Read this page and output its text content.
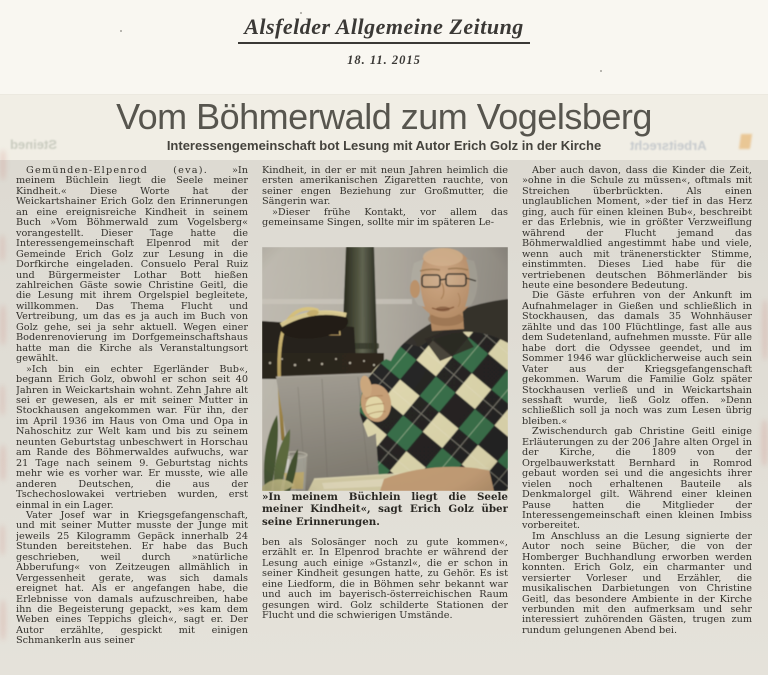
Alsfelder Allgemeine Zeitung
18. 11. 2015
Vom Böhmerwald zum Vogelsberg
Interessengemeinschaft bot Lesung mit Autor Erich Golz in der Kirche

Gemünden-Elpenrod (eva). »In meinem Büchlein liegt die Seele meiner Kindheit.« Diese Worte hat der Weickartshainer Erich Golz den Erinnerungen an eine ereignisreiche Kindheit in seinem Buch »Vom Böhmerwald zum Vogelsberg« vorangestellt. Dieser Tage hatte die Interessengemeinschaft Elpenrod mit der Gemeinde Erich Golz zur Lesung in die Dorfkirche eingeladen. Consuelo Peral Ruiz und Bürgermeister Lothar Bott hießen zahlreichen Gäste sowie Christine Geitl, die die Lesung mit ihrem Orgelspiel begleitete, willkommen. Das Thema Flucht und Vertreibung, um das es ja auch im Buch von Golz gehe, sei ja sehr aktuell. Wegen einer Bodenrenovierung im Dorfgemeinschaftshaus hatte man die Kirche als Veranstaltungsort gewählt.

»Ich bin ein echter Egerländer Bub«, begann Erich Golz, obwohl er schon seit 40 Jahren in Weickartshain wohnt. Zehn Jahre alt sei er gewesen, als er mit seiner Mutter in Stockhausen angekommen war. Für ihn, der im April 1936 im Haus von Oma und Opa in Nahoschitz zur Welt kam und bis zu seinem neunten Geburtstag unbeschwert in Horschau am Rande des Böhmerwaldes aufwuchs, war 21 Tage nach seinem 9. Geburtstag nichts mehr wie es vorher war. Er musste, wie alle anderen Deutschen, die aus der Tschechoslowakei vertrieben wurden, erst einmal in ein Lager.

Vater Josef war in Kriegsgefangenschaft, und mit seiner Mutter musste der Junge mit jeweils 25 Kilogramm Gepäck innerhalb 24 Stunden bereitstehen. Er habe das Buch geschrieben, weil durch »natürliche Abberufung« von Zeitzeugen allmählich in Vergessenheit gerate, was sich damals ereignet hat. Als er angefangen habe, die Erlebnisse von damals aufzuschreiben, habe ihn die Begeisterung gepackt, »es kam dem Weben eines Teppichs gleich«, sagt er. Der Autor erzählte, gespickt mit einigen Schmankerln aus seiner

Kindheit, in der er mit neun Jahren heimlich die ersten amerikanischen Zigaretten rauchte, von seiner engen Beziehung zur Großmutter, die Sängerin war.

»Dieser frühe Kontakt, vor allem das gemeinsame Singen, sollte mir im späteren Le-

»In meinem Büchlein liegt die Seele meiner Kindheit«, sagt Erich Golz über seine Erinnerungen.

ben als Solosänger noch zu gute kommen«, erzählt er. In Elpenrod brachte er während der Lesung auch einige »Gstanzl«, die er schon in seiner Kindheit gesungen hatte, zu Gehör. Es ist eine Liedform, die in Böhmen sehr bekannt war und auch im bayerisch-österreichischen Raum gesungen wird. Golz schilderte Stationen der Flucht und die schwierigen Umstände.

Aber auch davon, dass die Kinder die Zeit, »ohne in die Schule zu müssen«, oftmals mit Streichen überbrückten. Als einen unglaublichen Moment, »der tief in das Herz ging, auch für einen kleinen Bub«, beschreibt er das Erlebnis, wie in größter Verzweiflung während der Flucht jemand das Böhmerwaldlied angestimmt habe und viele, wenn auch mit tränenerstickter Stimme, einstimmten. Dieses Lied habe für die vertriebenen deutschen Böhmerländer bis heute eine besondere Bedeutung.

Die Gäste erfuhren von der Ankunft im Aufnahmelager in Gießen und schließlich in Stockhausen, das damals 35 Wohnhäuser zählte und das 100 Flüchtlinge, fast alle aus dem Sudetenland, aufnehmen musste. Für alle habe dort die Odyssee geendet, und im Sommer 1946 war glücklicherweise auch sein Vater aus der Kriegsgefangenschaft gekommen. Warum die Familie Golz später Stockhausen verließ und in Weickartshain sesshaft wurde, ließ Golz offen. »Denn schließlich soll ja noch was zum Lesen übrig bleiben.«

Zwischendurch gab Christine Geitl einige Erläuterungen zu der 206 Jahre alten Orgel in der Kirche, die 1809 von der Orgelbauwerkstatt Bernhard in Romrod gebaut worden sei und die angesichts ihrer vielen noch erhaltenen Bauteile als Denkmalorgel gilt. Während einer kleinen Pause hatten die Mitglieder der Interessengemeinschaft einen kleinen Imbiss vorbereitet.

Im Anschluss an die Lesung signierte der Autor noch seine Bücher, die von der Homberger Buchhandlung erworben werden konnten. Erich Golz, ein charmanter und versierter Vorleser und Erzähler, die musikalischen Darbietungen von Christine Geitl, das besondere Ambiente in der Kirche verbunden mit den aufmerksam und sehr interessiert zuhörenden Gästen, trugen zum rundum gelungenen Abend bei.

Arbeitsrecht
Steined
